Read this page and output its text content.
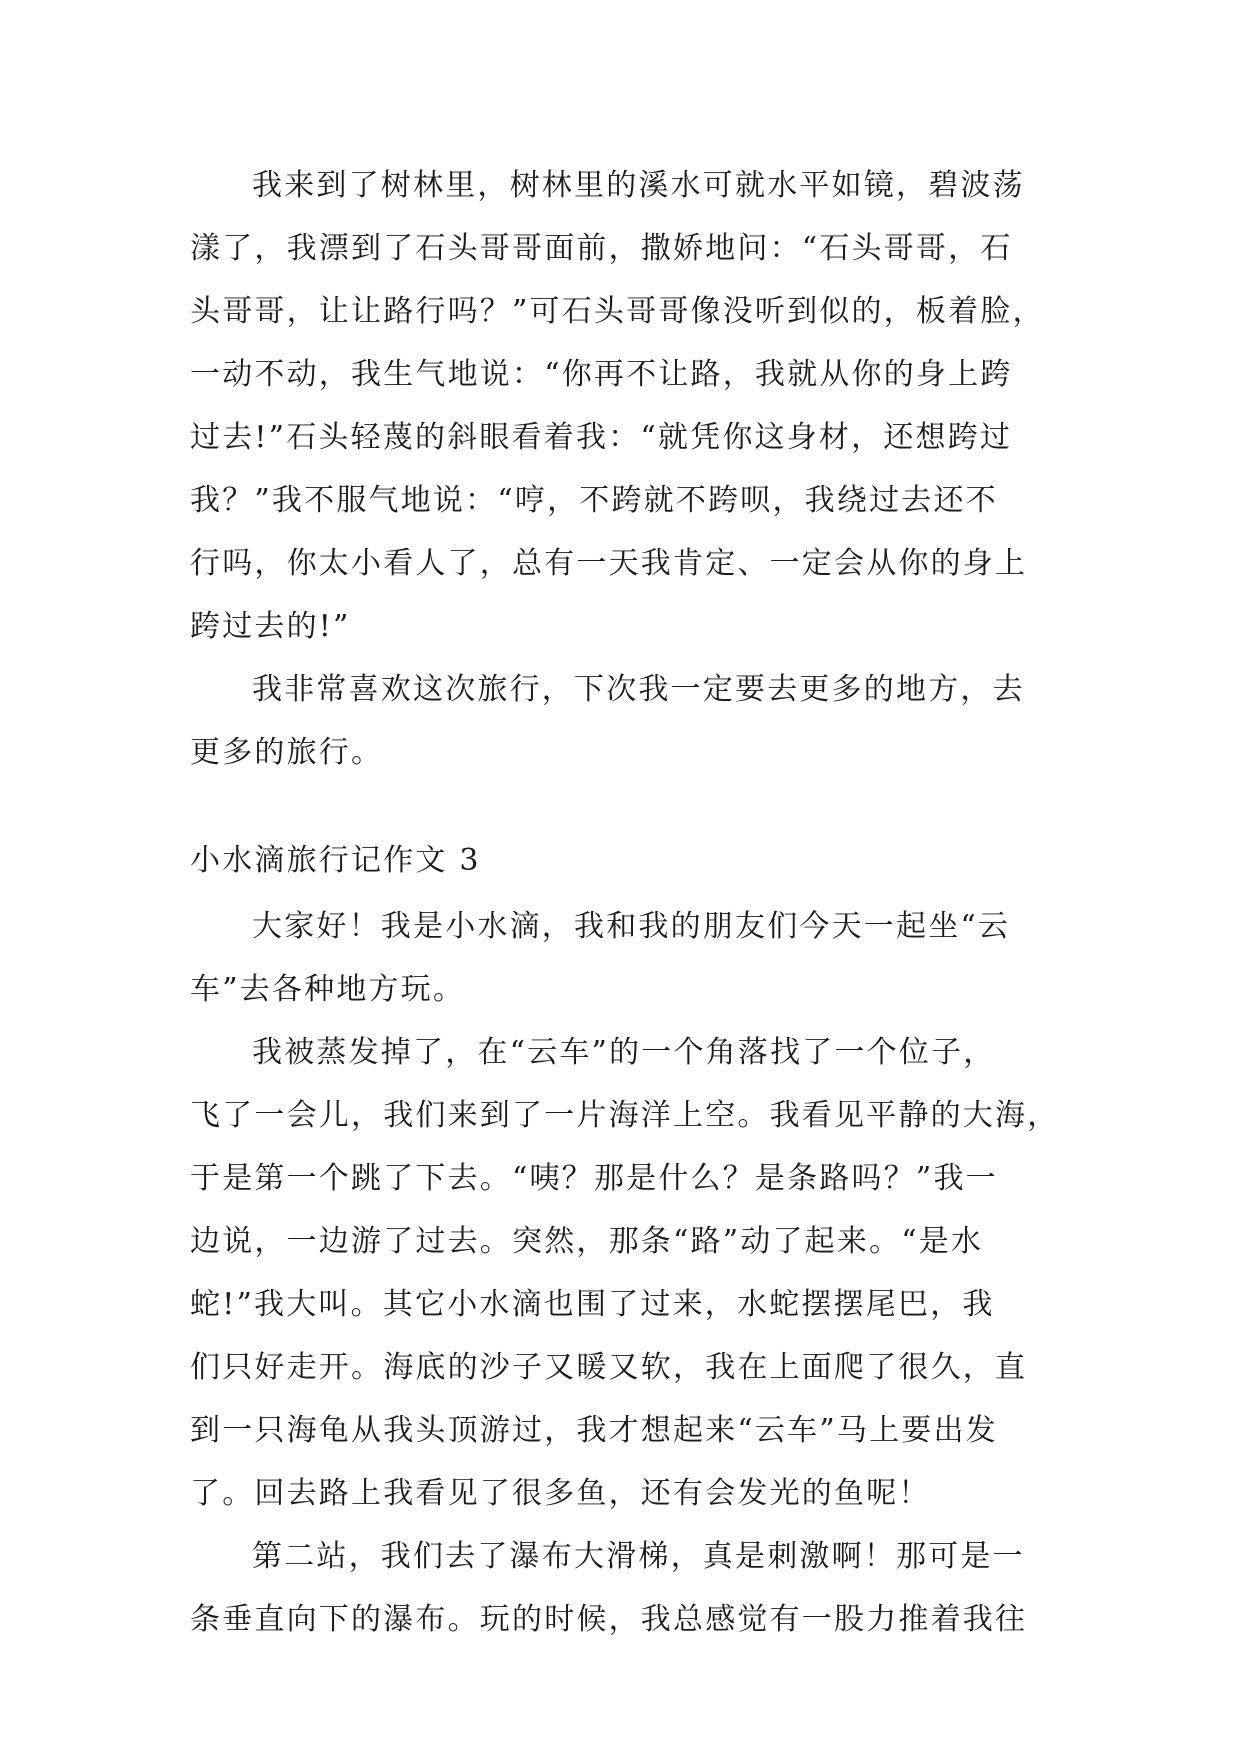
我来到了树林里，树林里的溪水可就水平如镜，碧波荡
漾了，我漂到了石头哥哥面前，撒娇地问：“石头哥哥，石
头哥哥，让让路行吗？”可石头哥哥像没听到似的，板着脸，
一动不动，我生气地说：“你再不让路，我就从你的身上跨
过去!”石头轻蔑的斜眼看着我：“就凭你这身材，还想跨过
我？”我不服气地说：“哼，不跨就不跨呗，我绕过去还不
行吗，你太小看人了，总有一天我肯定、一定会从你的身上
跨过去的!”
我非常喜欢这次旅行，下次我一定要去更多的地方，去
更多的旅行。
小水滴旅行记作文 3
大家好！我是小水滴，我和我的朋友们今天一起坐“云
车”去各种地方玩。
我被蒸发掉了，在“云车”的一个角落找了一个位子，
飞了一会儿，我们来到了一片海洋上空。我看见平静的大海，
于是第一个跳了下去。“咦？那是什么？是条路吗？”我一
边说，一边游了过去。突然，那条“路”动了起来。“是水
蛇!”我大叫。其它小水滴也围了过来，水蛇摆摆尾巴，我
们只好走开。海底的沙子又暖又软，我在上面爬了很久，直
到一只海龟从我头顶游过，我才想起来“云车”马上要出发
了。回去路上我看见了很多鱼，还有会发光的鱼呢！
第二站，我们去了瀑布大滑梯，真是刺激啊！那可是一
条垂直向下的瀑布。玩的时候，我总感觉有一股力推着我往
